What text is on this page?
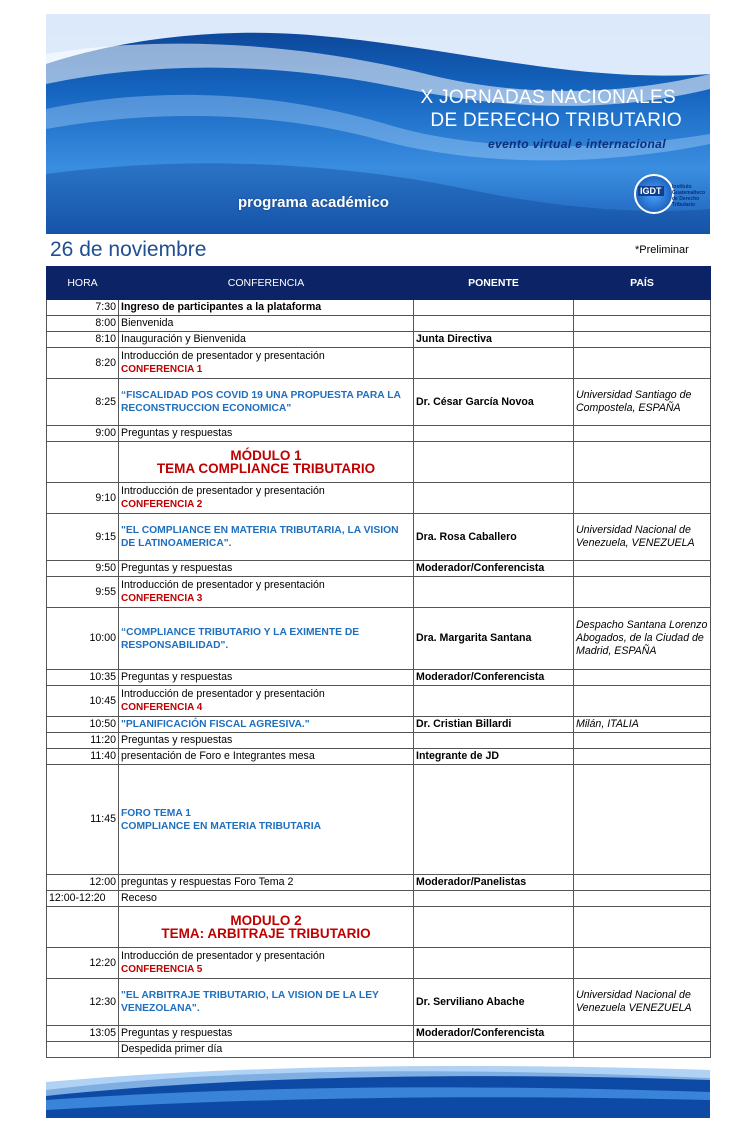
X JORNADAS NACIONALES
DE DERECHO TRIBUTARIO
evento virtual e internacional
programa académico
IGDT	Instituto Guatemalteco de Derecho Tributario
26 de noviembre	*Preliminar
HORA	CONFERENCIA	PONENTE	PAÍS
7:30	Ingreso de participantes a la plataforma		
8:00	Bienvenida		
8:10	Inauguración y Bienvenida	Junta Directiva	
8:20	Introducción de presentador y presentación
CONFERENCIA 1		

8:25	“FISCALIDAD POS COVID 19 UNA PROPUESTA PARA LA RECONSTRUCCION ECONOMICA"	Dr. César García Novoa	Universidad Santiago de Compostela, ESPAÑA
9:00	Preguntas y respuestas		

	MÓDULO 1
TEMA COMPLIANCE TRIBUTARIO		

9:10	Introducción de presentador y presentación
CONFERENCIA 2		

9:15	"EL COMPLIANCE EN MATERIA TRIBUTARIA, LA VISION DE LATINOAMERICA".	Dra. Rosa Caballero	Universidad Nacional de Venezuela, VENEZUELA
9:50	Preguntas y respuestas	Moderador/Conferencista	
9:55	Introducción de presentador y presentación
CONFERENCIA 3		

10:00	“COMPLIANCE TRIBUTARIO Y LA EXIMENTE DE RESPONSABILIDAD".	Dra. Margarita Santana	Despacho Santana Lorenzo Abogados, de la Ciudad de Madrid, ESPAÑA
10:35	Preguntas y respuestas	Moderador/Conferencista	
10:45	Introducción de presentador y presentación
CONFERENCIA 4		

10:50	"PLANIFICACIÓN FISCAL AGRESIVA."	Dr. Cristian Billardi	Milán, ITALIA
11:20	Preguntas y respuestas		
11:40	presentación de Foro e Integrantes mesa	Integrante de JD	
11:45	FORO TEMA 1
COMPLIANCE EN MATERIA TRIBUTARIA		

12:00	preguntas y respuestas Foro Tema 2	Moderador/Panelistas	
12:00-12:20	Receso		

	MODULO 2
TEMA: ARBITRAJE TRIBUTARIO		

12:20	Introducción de presentador y presentación
CONFERENCIA 5		

12:30	"EL ARBITRAJE TRIBUTARIO, LA VISION DE LA LEY VENEZOLANA".	Dr. Serviliano Abache	Universidad Nacional de Venezuela VENEZUELA
13:05	Preguntas y respuestas	Moderador/Conferencista	
	Despedida primer día		
